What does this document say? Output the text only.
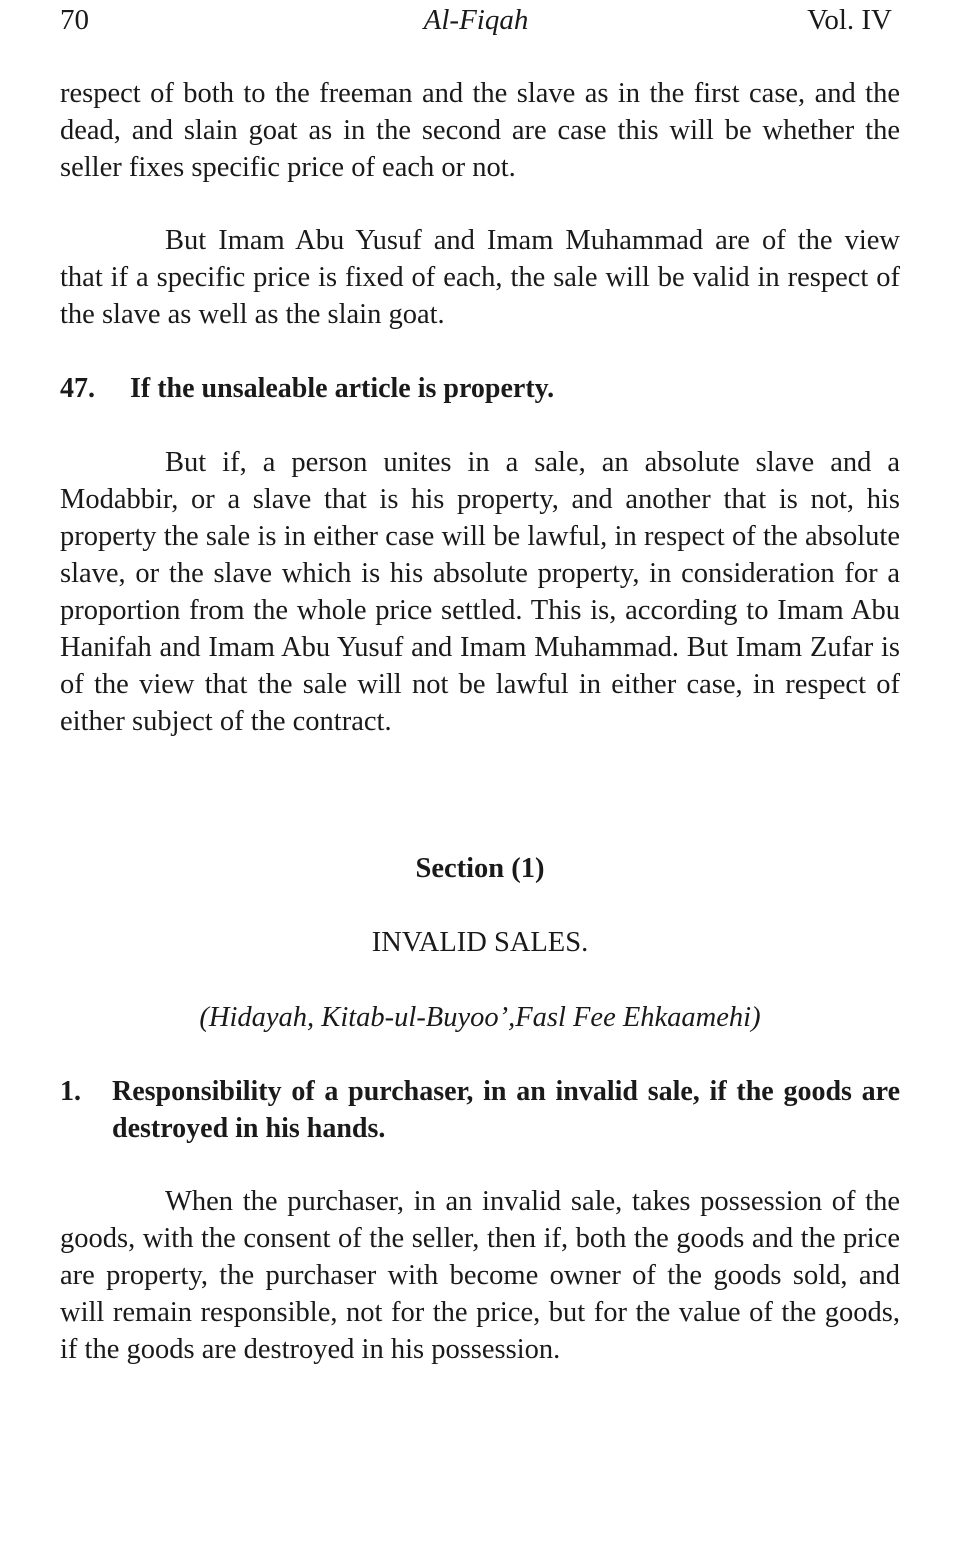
70	Al-Fiqah	Vol. IV

respect of both to the freeman and the slave as in the first case, and the dead, and slain goat as in the second are case this will be whether the seller fixes specific price of each or not.

But Imam Abu Yusuf and Imam Muhammad are of the view that if a specific price is fixed of each, the sale will be valid in respect of the slave as well as the slain goat.

47. If the unsaleable article is property.

But if, a person unites in a sale, an absolute slave and a Modabbir, or a slave that is his property, and another that is not, his property the sale is in either case will be lawful, in respect of the absolute slave, or the slave which is his absolute property, in consideration for a proportion from the whole price settled. This is, according to Imam Abu Hanifah and Imam Abu Yusuf and Imam Muhammad. But Imam Zufar is of the view that the sale will not be lawful in either case, in respect of either subject of the contract.

Section (1)

INVALID SALES.

(Hidayah, Kitab-ul-Buyoo’,Fasl Fee Ehkaamehi)

1. Responsibility of a purchaser, in an invalid sale, if the goods are destroyed in his hands.

When the purchaser, in an invalid sale, takes possession of the goods, with the consent of the seller, then if, both the goods and the price are property, the purchaser with become owner of the goods sold, and will remain responsible, not for the price, but for the value of the goods, if the goods are destroyed in his possession.
